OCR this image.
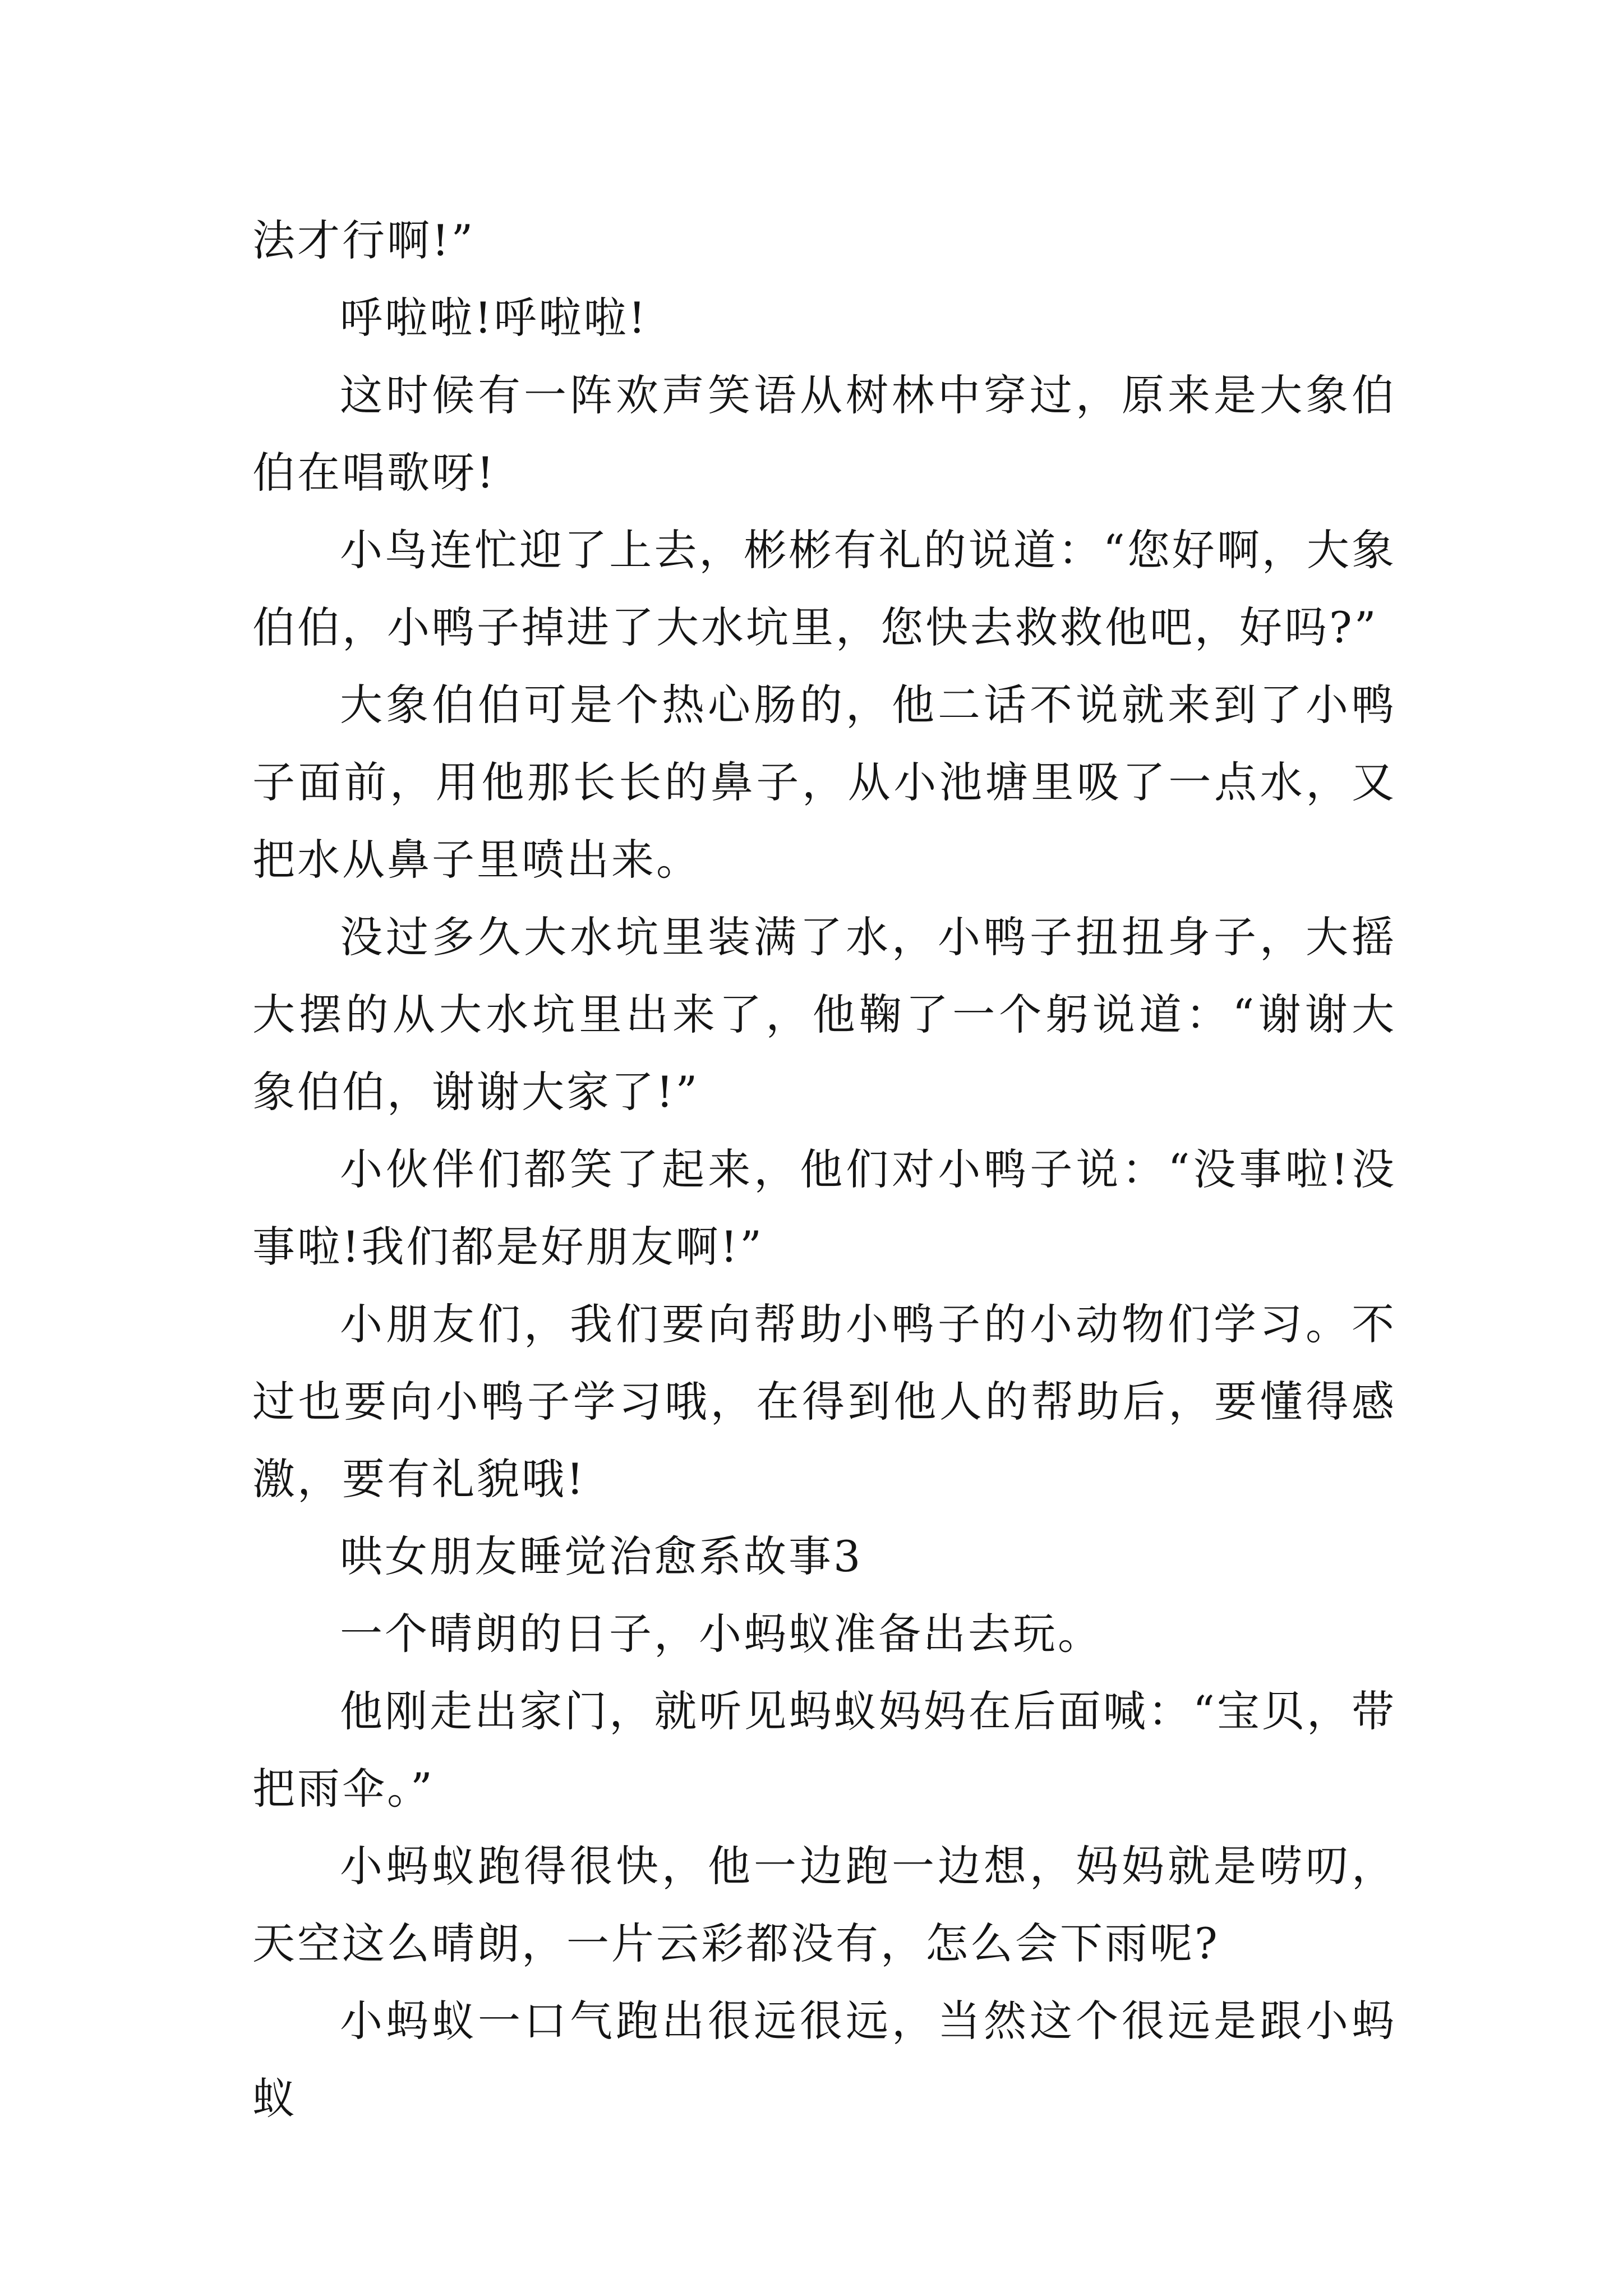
法才行啊!”

呼啦啦!呼啦啦!

这时候有一阵欢声笑语从树林中穿过，原来是大象伯伯在唱歌呀!

小鸟连忙迎了上去，彬彬有礼的说道：“您好啊，大象伯伯，小鸭子掉进了大水坑里，您快去救救他吧，好吗?”

大象伯伯可是个热心肠的，他二话不说就来到了小鸭子面前，用他那长长的鼻子，从小池塘里吸了一点水，又把水从鼻子里喷出来。

没过多久大水坑里装满了水，小鸭子扭扭身子，大摇大摆的从大水坑里出来了，他鞠了一个躬说道：“谢谢大象伯伯，谢谢大家了!”

小伙伴们都笑了起来，他们对小鸭子说：“没事啦!没事啦!我们都是好朋友啊!”

小朋友们，我们要向帮助小鸭子的小动物们学习。不过也要向小鸭子学习哦，在得到他人的帮助后，要懂得感激，要有礼貌哦!

哄女朋友睡觉治愈系故事3

一个晴朗的日子，小蚂蚁准备出去玩。

他刚走出家门，就听见蚂蚁妈妈在后面喊：“宝贝，带把雨伞。”

小蚂蚁跑得很快，他一边跑一边想，妈妈就是唠叨，天空这么晴朗，一片云彩都没有，怎么会下雨呢?

小蚂蚁一口气跑出很远很远，当然这个很远是跟小蚂蚁
